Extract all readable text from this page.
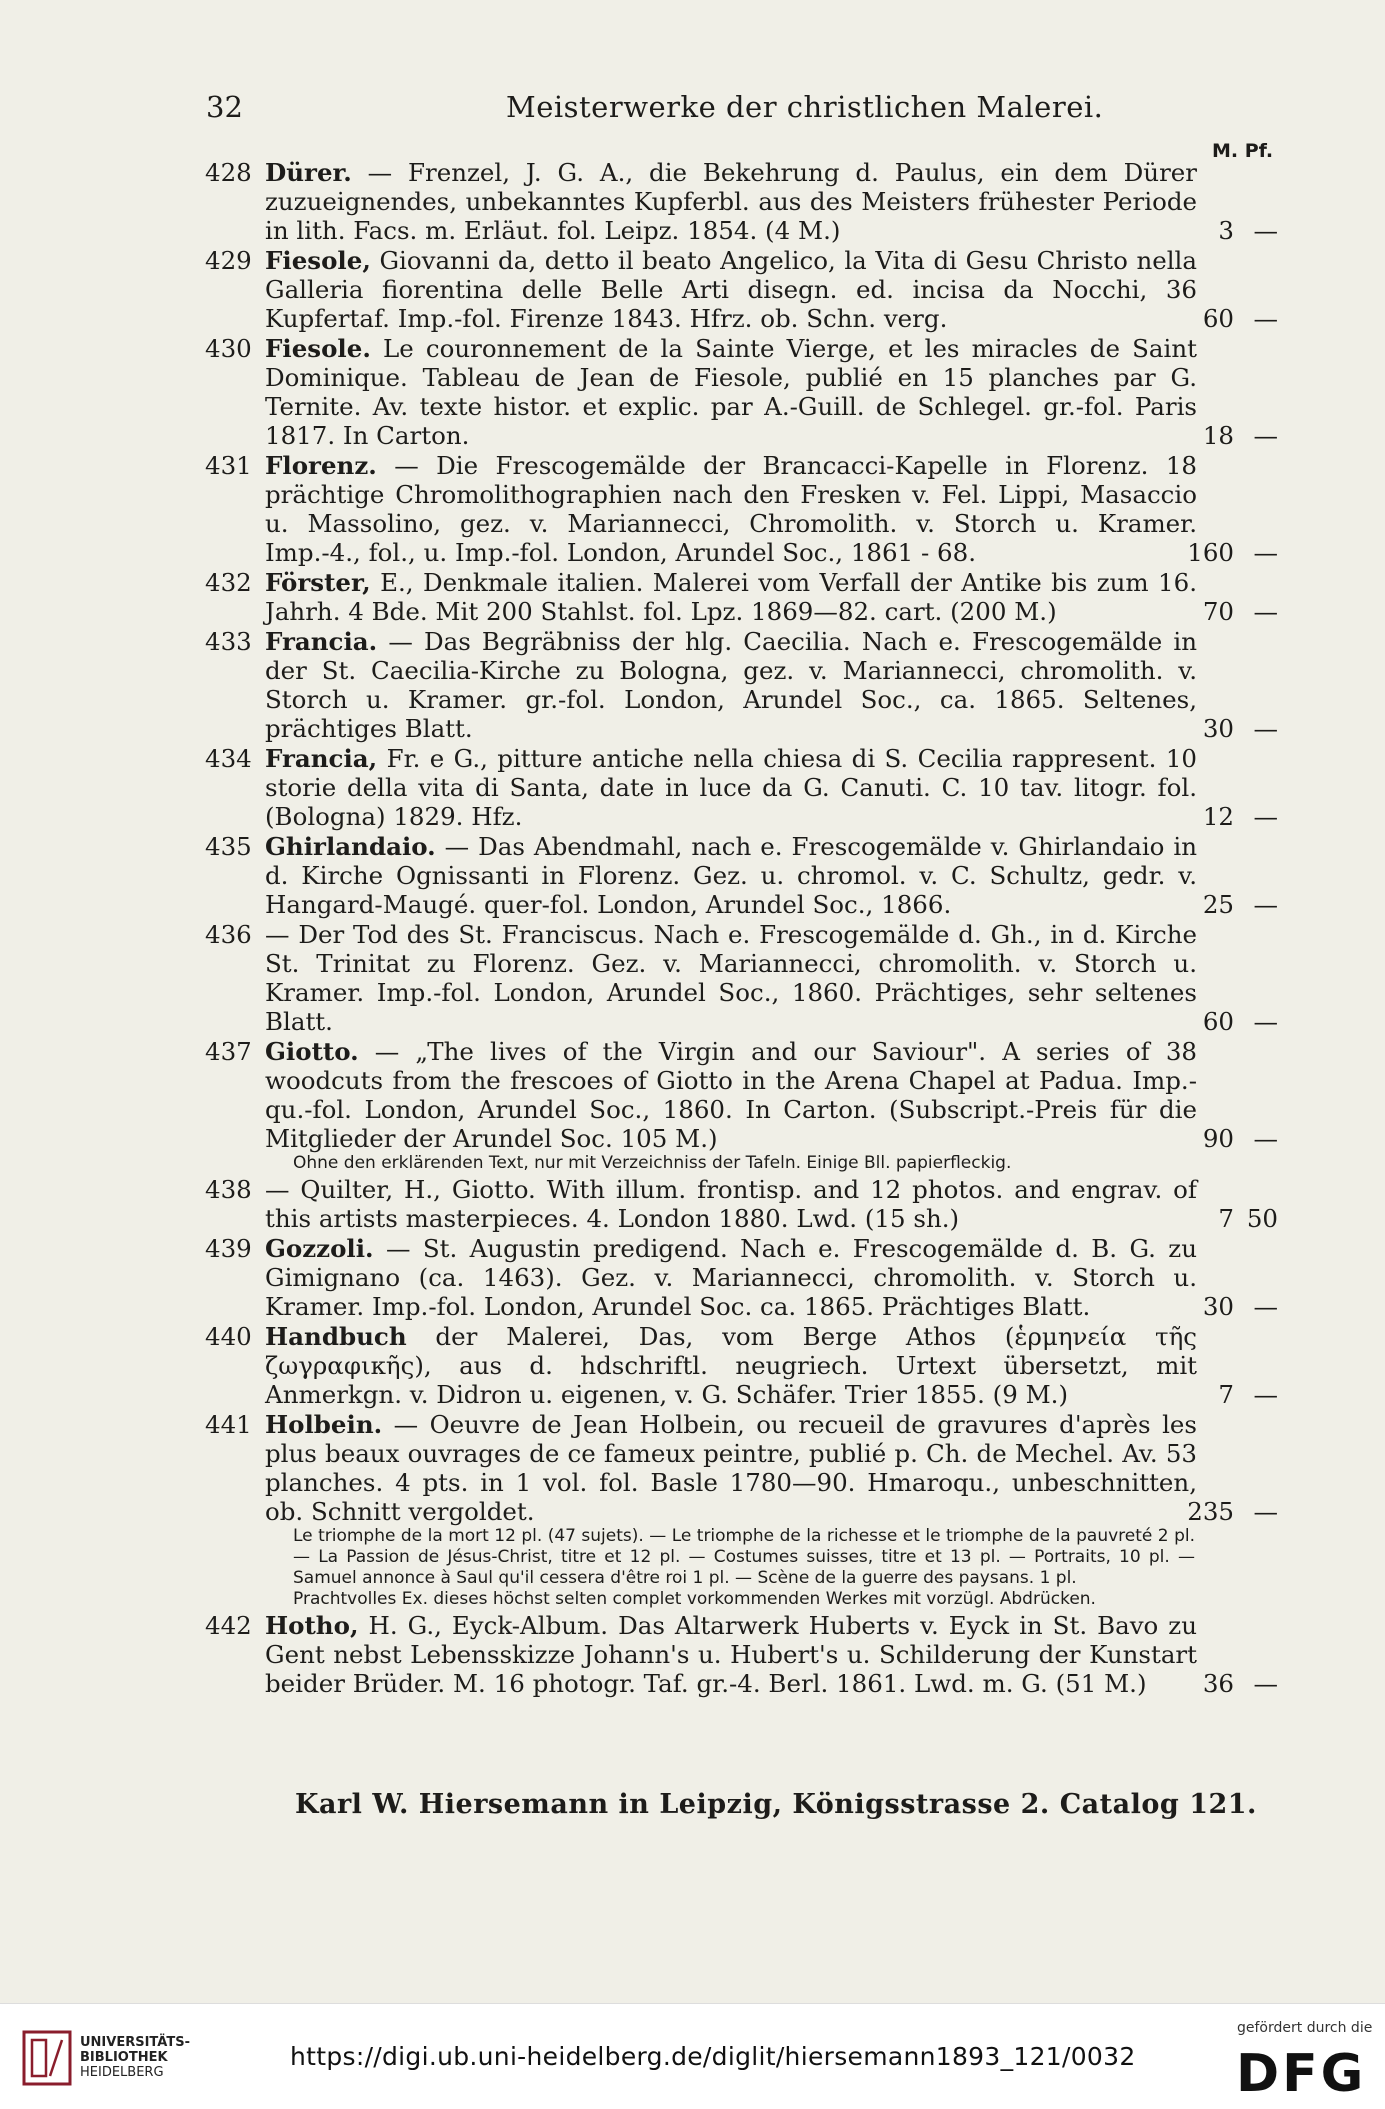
32	Meisterwerke der christlichen Malerei.
M. Pf.
428 Dürer. — Frenzel, J. G. A., die Bekehrung d. Paulus, ein dem Dürer zuzueignendes, unbekanntes Kupferbl. aus des Meisters frühester Periode in lith. Facs. m. Erläut. fol. Leipz. 1854. (4 M.)	3 —
429 Fiesole, Giovanni da, detto il beato Angelico, la Vita di Gesu Christo nella Galleria fiorentina delle Belle Arti disegn. ed. incisa da Nocchi, 36 Kupfertaf. Imp.-fol. Firenze 1843. Hfrz. ob. Schn. verg.	60 —
430 Fiesole. Le couronnement de la Sainte Vierge, et les miracles de Saint Dominique. Tableau de Jean de Fiesole, publié en 15 planches par G. Ternite. Av. texte histor. et explic. par A.-Guill. de Schlegel. gr.-fol. Paris 1817. In Carton.	18 —
431 Florenz. — Die Frescogemälde der Brancacci-Kapelle in Florenz. 18 prächtige Chromolithographien nach den Fresken v. Fel. Lippi, Masaccio u. Massolino, gez. v. Mariannecci, Chromolith. v. Storch u. Kramer. Imp.-4., fol., u. Imp.-fol. London, Arundel Soc., 1861 - 68.	160 —
432 Förster, E., Denkmale italien. Malerei vom Verfall der Antike bis zum 16. Jahrh. 4 Bde. Mit 200 Stahlst. fol. Lpz. 1869—82. cart. (200 M.)	70 —
433 Francia. — Das Begräbniss der hlg. Caecilia. Nach e. Frescogemälde in der St. Caecilia-Kirche zu Bologna, gez. v. Mariannecci, chromolith. v. Storch u. Kramer. gr.-fol. London, Arundel Soc., ca. 1865. Seltenes, prächtiges Blatt.	30 —
434 Francia, Fr. e G., pitture antiche nella chiesa di S. Cecilia rappresent. 10 storie della vita di Santa, date in luce da G. Canuti. C. 10 tav. litogr. fol. (Bologna) 1829. Hfz.	12 —
435 Ghirlandaio. — Das Abendmahl, nach e. Frescogemälde v. Ghirlandaio in d. Kirche Ognissanti in Florenz. Gez. u. chromol. v. C. Schultz, gedr. v. Hangard-Maugé. quer-fol. London, Arundel Soc., 1866.	25 —
436 — Der Tod des St. Franciscus. Nach e. Frescogemälde d. Gh., in d. Kirche St. Trinitat zu Florenz. Gez. v. Mariannecci, chromolith. v. Storch u. Kramer. Imp.-fol. London, Arundel Soc., 1860. Prächtiges, sehr seltenes Blatt.	60 —
437 Giotto. — „The lives of the Virgin and our Saviour". A series of 38 woodcuts from the frescoes of Giotto in the Arena Chapel at Padua. Imp.-qu.-fol. London, Arundel Soc., 1860. In Carton. (Subscript.-Preis für die Mitglieder der Arundel Soc. 105 M.)	90 —
Ohne den erklärenden Text, nur mit Verzeichniss der Tafeln. Einige Bll. papierfleckig.
438 — Quilter, H., Giotto. With illum. frontisp. and 12 photos. and engrav. of this artists masterpieces. 4. London 1880. Lwd. (15 sh.)	7 50
439 Gozzoli. — St. Augustin predigend. Nach e. Frescogemälde d. B. G. zu Gimignano (ca. 1463). Gez. v. Mariannecci, chromolith. v. Storch u. Kramer. Imp.-fol. London, Arundel Soc. ca. 1865. Prächtiges Blatt.	30 —
440 Handbuch der Malerei, Das, vom Berge Athos (ἑρμηνεία τῆς ζωγραφικῆς), aus d. hdschriftl. neugriech. Urtext übersetzt, mit Anmerkgn. v. Didron u. eigenen, v. G. Schäfer. Trier 1855. (9 M.)	7 —
441 Holbein. — Oeuvre de Jean Holbein, ou recueil de gravures d'après les plus beaux ouvrages de ce fameux peintre, publié p. Ch. de Mechel. Av. 53 planches. 4 pts. in 1 vol. fol. Basle 1780—90. Hmaroqu., unbeschnitten, ob. Schnitt vergoldet.	235 —
Le triomphe de la mort 12 pl. (47 sujets). — Le triomphe de la richesse et le triomphe de la pauvreté 2 pl. — La Passion de Jésus-Christ, titre et 12 pl. — Costumes suisses, titre et 13 pl. — Portraits, 10 pl. — Samuel annonce à Saul qu'il cessera d'être roi 1 pl. — Scène de la guerre des paysans. 1 pl.
Prachtvolles Ex. dieses höchst selten complet vorkommenden Werkes mit vorzügl. Abdrücken.
442 Hotho, H. G., Eyck-Album. Das Altarwerk Huberts v. Eyck in St. Bavo zu Gent nebst Lebensskizze Johann's u. Hubert's u. Schilderung der Kunstart beider Brüder. M. 16 photogr. Taf. gr.-4. Berl. 1861. Lwd. m. G. (51 M.)	36 —
Karl W. Hiersemann in Leipzig, Königsstrasse 2. Catalog 121.
UNIVERSITÄTS-
BIBLIOTHEK
HEIDELBERG
https://digi.ub.uni-heidelberg.de/diglit/hiersemann1893_121/0032
gefördert durch die
DFG
